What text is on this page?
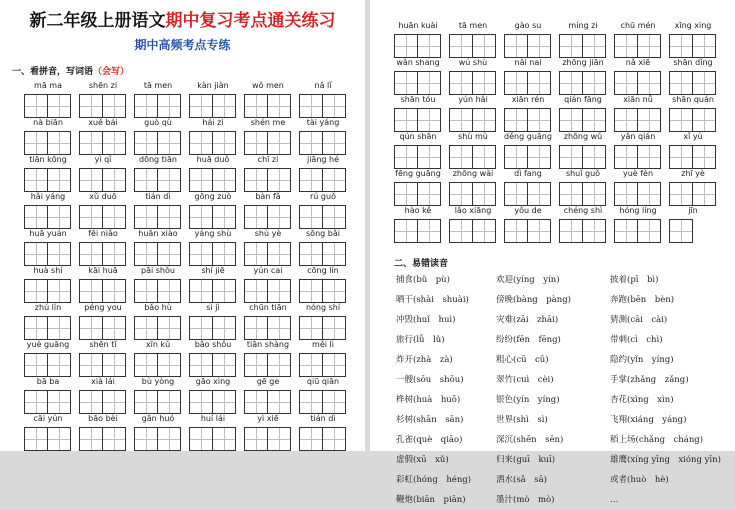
新二年级上册语文期中复习考点通关练习
期中高频考点专练
一、看拼音，写词语（会写）
mā ma	shēn zi	tā men	kàn jiàn	wǒ men	nǎ lǐ
nà biān	xuě bái	guò qù	hái zi	shén me	tài yáng
tiān kōng	yì qǐ	dōng tiān	huā duǒ	chī zi	jiāng hé
hǎi yáng	xǔ duō	tián dì	gōng zuò	bàn fǎ	rú guǒ
huā yuán	fēi niǎo	huān xiào	yáng shù	shù yè	sōng bǎi
huà shí	kāi huā	pāi shǒu	shí jiē	yún cai	cōng lín
zhú lín	péng you	bǎo hù	sì jì	chūn tiān	nóng shí
yuè guāng	shēn tǐ	xīn kǔ	bǎo shǒu	tiān shàng	měi lì
bā ba	xià lái	bù yòng	gāo xìng	gē ge	qiū qiān
cāi yún	bāo bèi	gān huó	huí lái	yì xiē	tián dì
huān kuài	tā men	gào su	míng zi	chū mén	xīng xing
wǎn shang	wú shù	nǎi nai	zhōng jiān	nǎ xiē	shān dǐng
shān tóu	yún hǎi	xiān rén	qián fāng	xiān nǚ	shān quán
qún shān	shù mù	děng guāng	zhōng wǔ	yǎn qián	xǐ yù
fēng guāng	zhōng wài	dì fang	shuǐ guǒ	yuè fèn	zhī yè
hào kě	lǎo xiāng	yǒu de	chéng shì	hóng líng	jīn
二、易错读音
捕食(bǔ　pù)	欢迎(yíng　yín)	披着(pī　bì)
晒干(shài　shuài)	傍晚(bàng　pàng)	奔跑(bēn　bèn)
冲毁(huǐ　huì)	灾难(zāi　zhāi)	猜测(cāi　cài)
旅行(lǚ　lǔ)	纷纷(fēn　fēng)	带刺(cì　chì)
炸开(zhà　zà)	粗心(cū　cū)	隐约(yǐn　yíng)
一艘(sōu　shōu)	翠竹(cuì　cèi)	手掌(zhǎng　zǎng)
桦树(huà　huō)	银色(yín　yíng)	杏花(xìng　xìn)
杉树(shān　sān)	世界(shì　sì)	飞翔(xiáng　yáng)
孔雀(què　qiāo)	深沉(shēn　sēn)	稻上场(chǎng　cháng)
虚假(xū　xǔ)	归来(guī　kuī)	雄鹰(xíng yīng　xióng yīn)
彩虹(hóng　héng)	洒水(sǎ　sā)	或者(huò　hè)
鞭炮(biān　piān)	墨汁(mò　mò)	…
